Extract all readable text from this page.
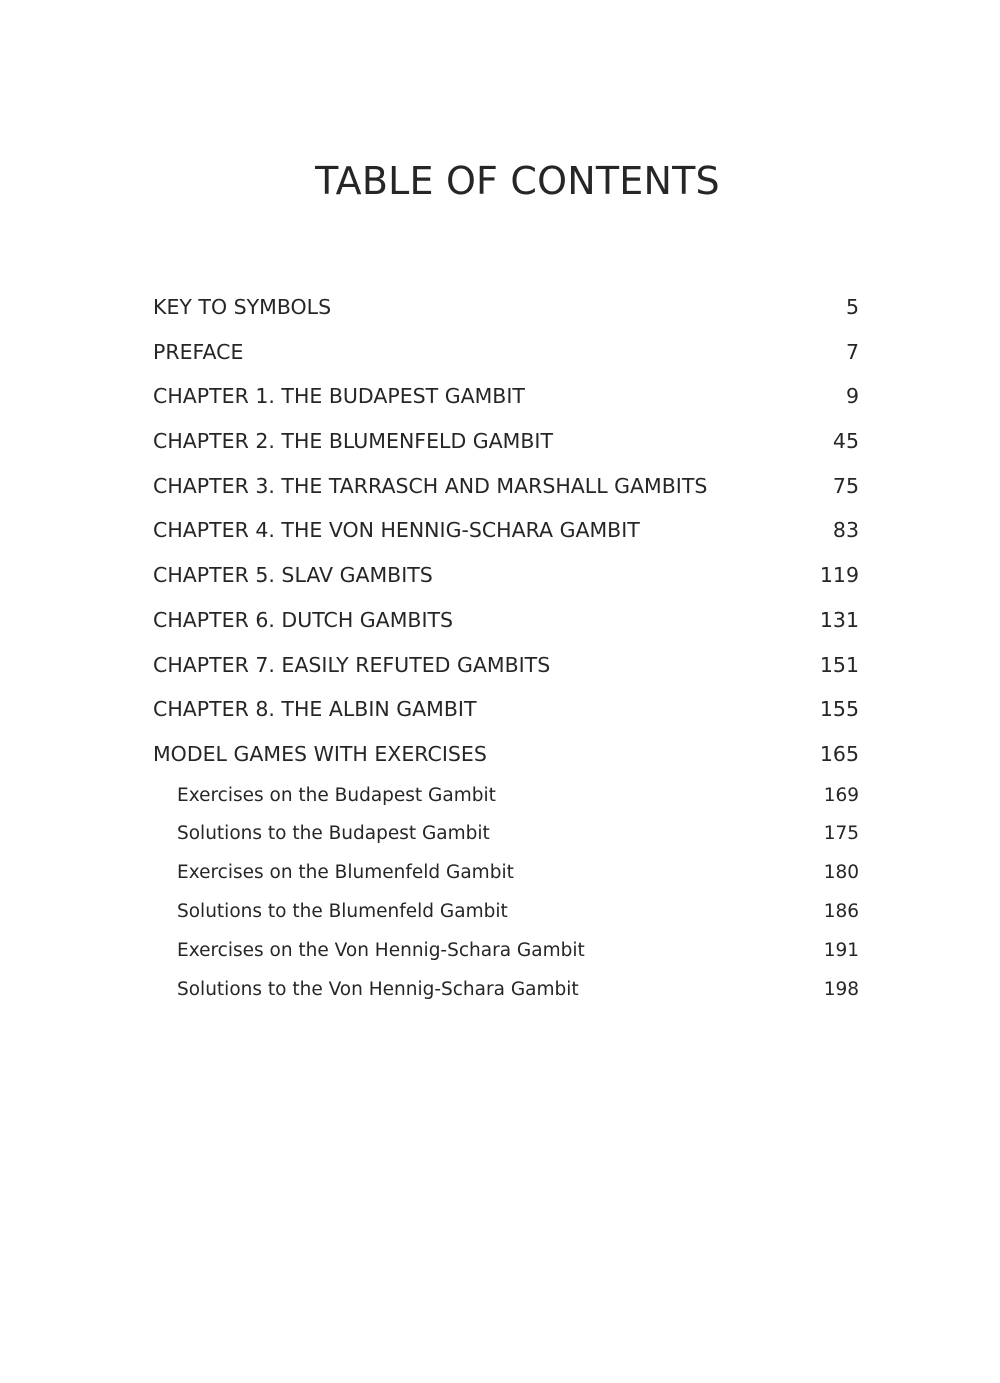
TABLE OF CONTENTS
KEY TO SYMBOLS	5
PREFACE	7
CHAPTER 1. THE BUDAPEST GAMBIT	9
CHAPTER 2. THE BLUMENFELD GAMBIT	45
CHAPTER 3. THE TARRASCH AND MARSHALL GAMBITS	75
CHAPTER 4. THE VON HENNIG-SCHARA GAMBIT	83
CHAPTER 5. SLAV GAMBITS	119
CHAPTER 6. DUTCH GAMBITS	131
CHAPTER 7. EASILY REFUTED GAMBITS	151
CHAPTER 8. THE ALBIN GAMBIT	155
MODEL GAMES WITH EXERCISES	165
Exercises on the Budapest Gambit	169
Solutions to the Budapest Gambit	175
Exercises on the Blumenfeld Gambit	180
Solutions to the Blumenfeld Gambit	186
Exercises on the Von Hennig-Schara Gambit	191
Solutions to the Von Hennig-Schara Gambit	198
